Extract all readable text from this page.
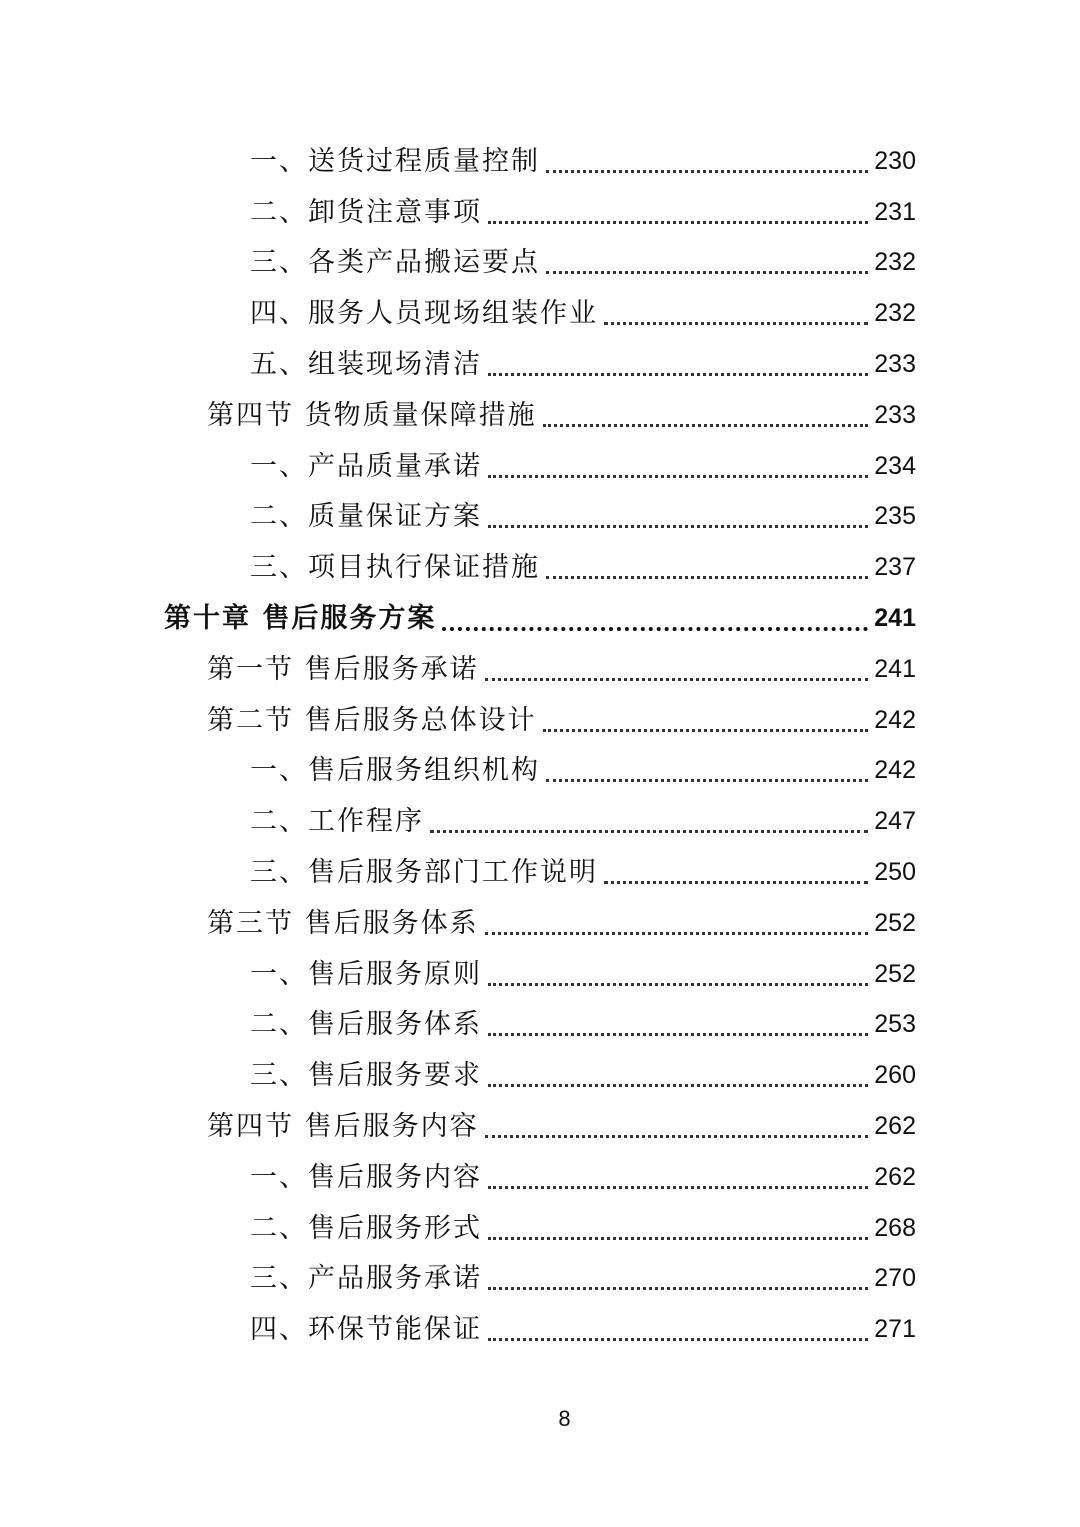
一、送货过程质量控制	230
二、卸货注意事项	231
三、各类产品搬运要点	232
四、服务人员现场组装作业	232
五、组装现场清洁	233
第四节 货物质量保障措施	233
一、产品质量承诺	234
二、质量保证方案	235
三、项目执行保证措施	237
第十章 售后服务方案	241
第一节 售后服务承诺	241
第二节 售后服务总体设计	242
一、售后服务组织机构	242
二、工作程序	247
三、售后服务部门工作说明	250
第三节 售后服务体系	252
一、售后服务原则	252
二、售后服务体系	253
三、售后服务要求	260
第四节 售后服务内容	262
一、售后服务内容	262
二、售后服务形式	268
三、产品服务承诺	270
四、环保节能保证	271
8
